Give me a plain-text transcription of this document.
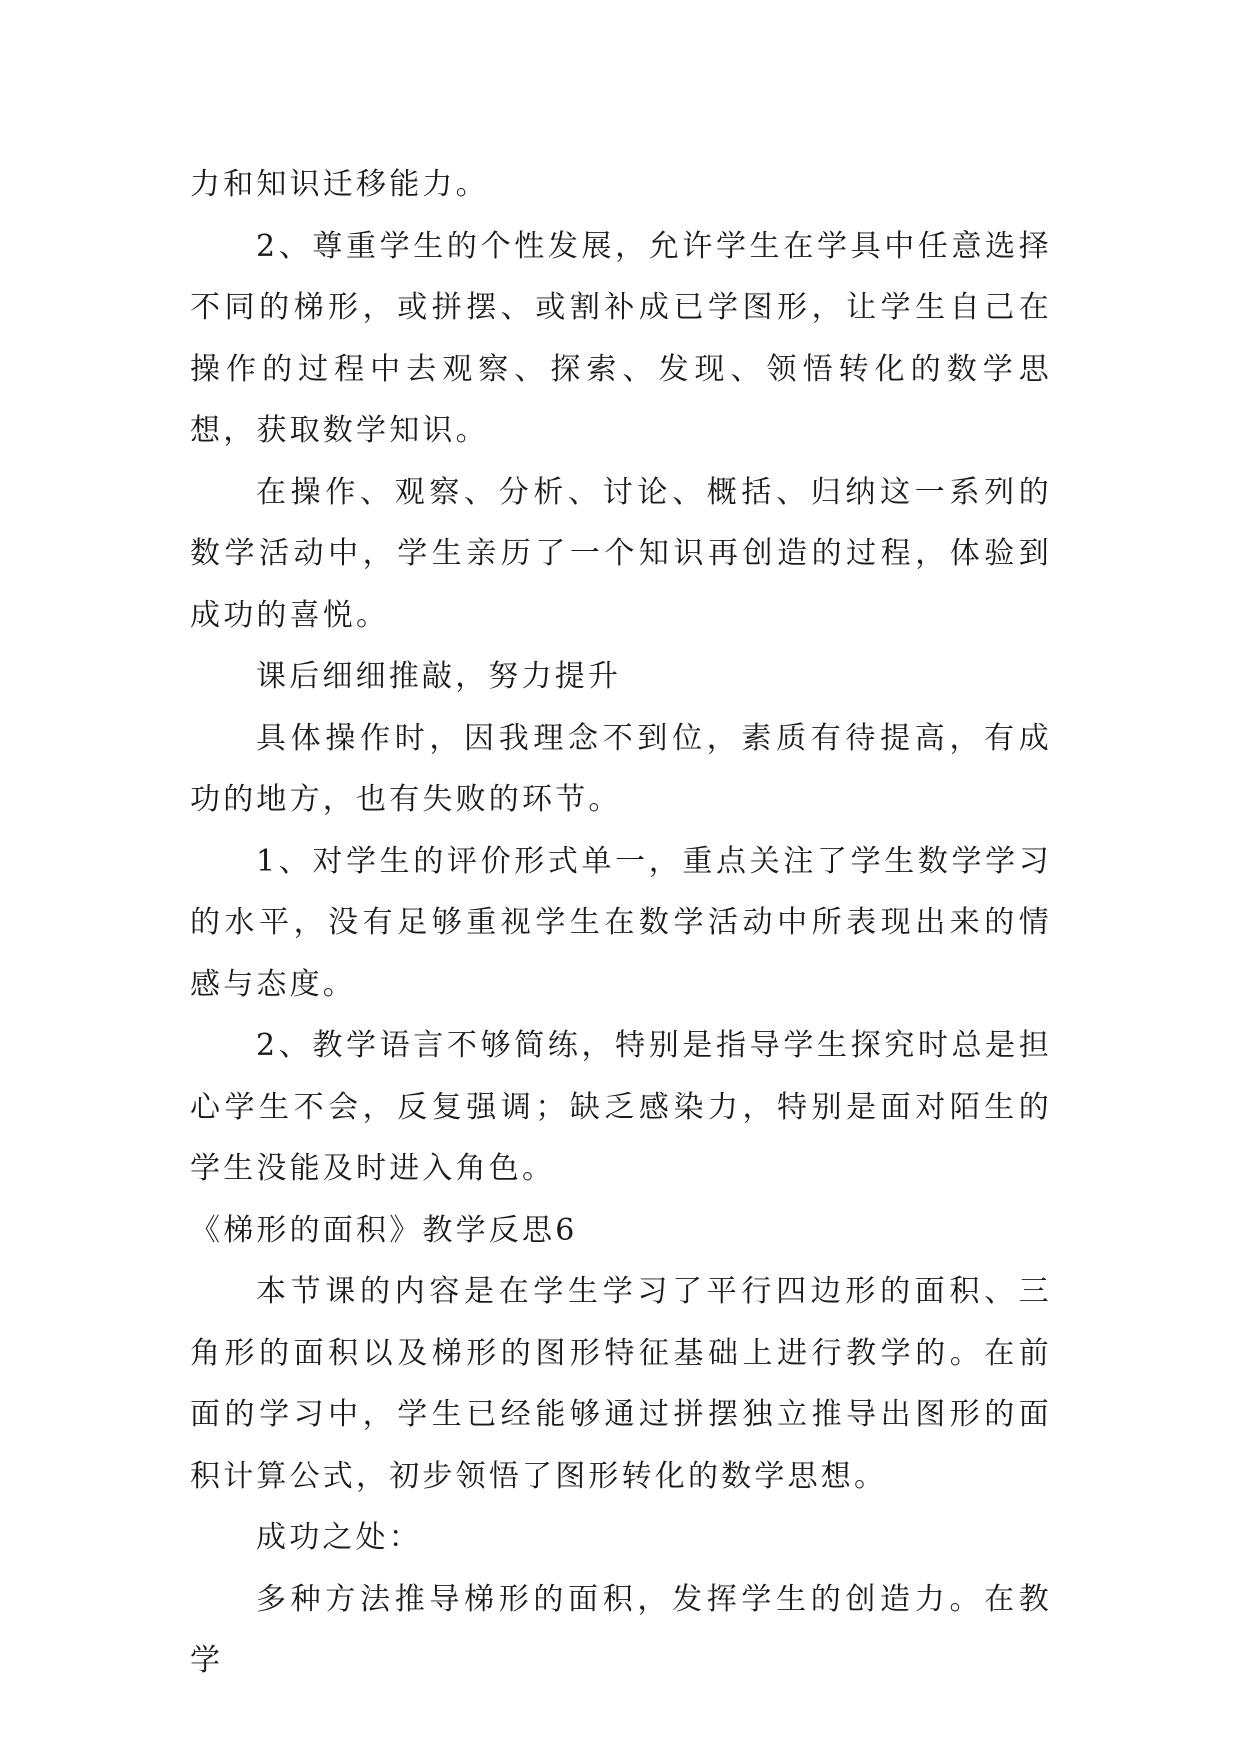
力和知识迁移能力。

2、尊重学生的个性发展，允许学生在学具中任意选择不同的梯形，或拼摆、或割补成已学图形，让学生自己在操作的过程中去观察、探索、发现、领悟转化的数学思想，获取数学知识。

在操作、观察、分析、讨论、概括、归纳这一系列的数学活动中，学生亲历了一个知识再创造的过程，体验到成功的喜悦。

课后细细推敲，努力提升

具体操作时，因我理念不到位，素质有待提高，有成功的地方，也有失败的环节。

1、对学生的评价形式单一，重点关注了学生数学学习的水平，没有足够重视学生在数学活动中所表现出来的情感与态度。

2、教学语言不够简练，特别是指导学生探究时总是担心学生不会，反复强调；缺乏感染力，特别是面对陌生的学生没能及时进入角色。

《梯形的面积》教学反思6

本节课的内容是在学生学习了平行四边形的面积、三角形的面积以及梯形的图形特征基础上进行教学的。在前面的学习中，学生已经能够通过拼摆独立推导出图形的面积计算公式，初步领悟了图形转化的数学思想。

成功之处：

多种方法推导梯形的面积，发挥学生的创造力。在教学
